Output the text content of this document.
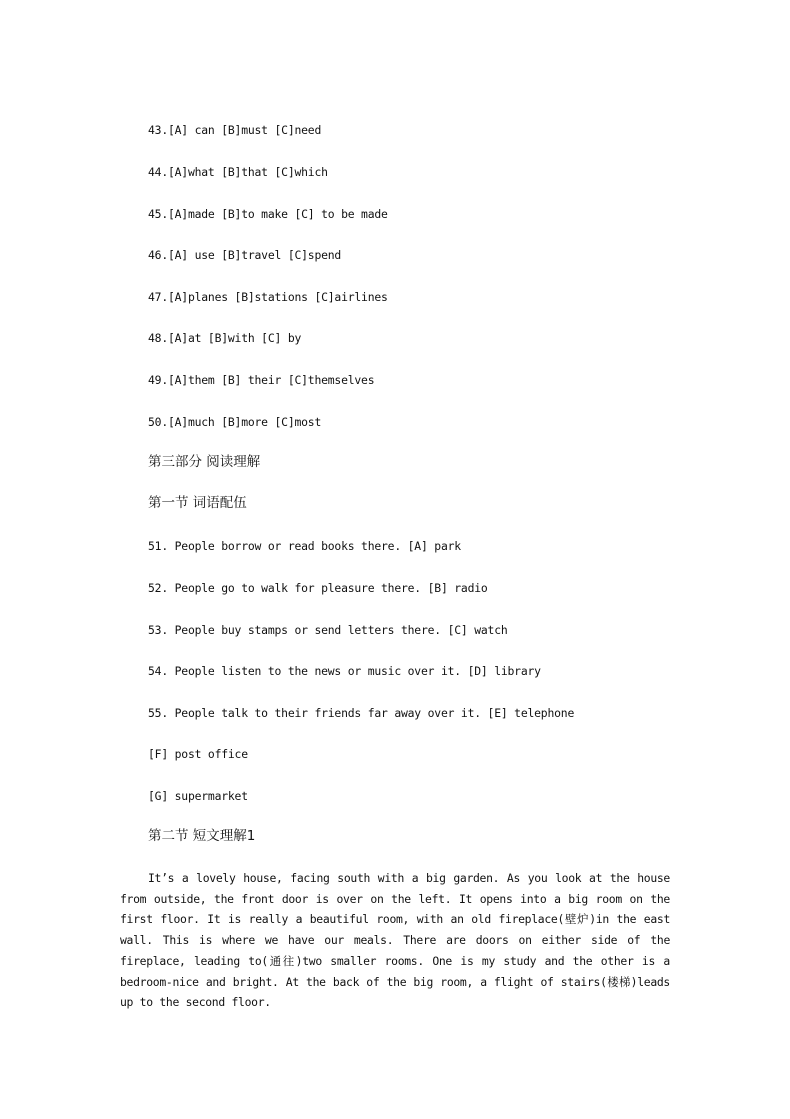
43.[A] can [B]must [C]need
44.[A]what [B]that [C]which
45.[A]made [B]to make [C] to be made
46.[A] use [B]travel [C]spend
47.[A]planes [B]stations [C]airlines
48.[A]at [B]with [C] by
49.[A]them [B] their [C]themselves
50.[A]much [B]more [C]most
第三部分 阅读理解
第一节 词语配伍
51. People borrow or read books there. [A] park
52. People go to walk for pleasure there. [B] radio
53. People buy stamps or send letters there. [C] watch
54. People listen to the news or music over it. [D] library
55. People talk to their friends far away over it. [E] telephone
[F] post office
[G] supermarket
第二节 短文理解1
It’s a lovely house, facing south with a big garden. As you look at the house from outside, the front door is over on the left. It opens into a big room on the first floor. It is really a beautiful room, with an old fireplace(壁炉)in the east wall. This is where we have our meals. There are doors on either side of the fireplace, leading to(通往)two smaller rooms. One is my study and the other is a bedroom-nice and bright. At the back of the big room, a flight of stairs(楼梯)leads up to the second floor.
